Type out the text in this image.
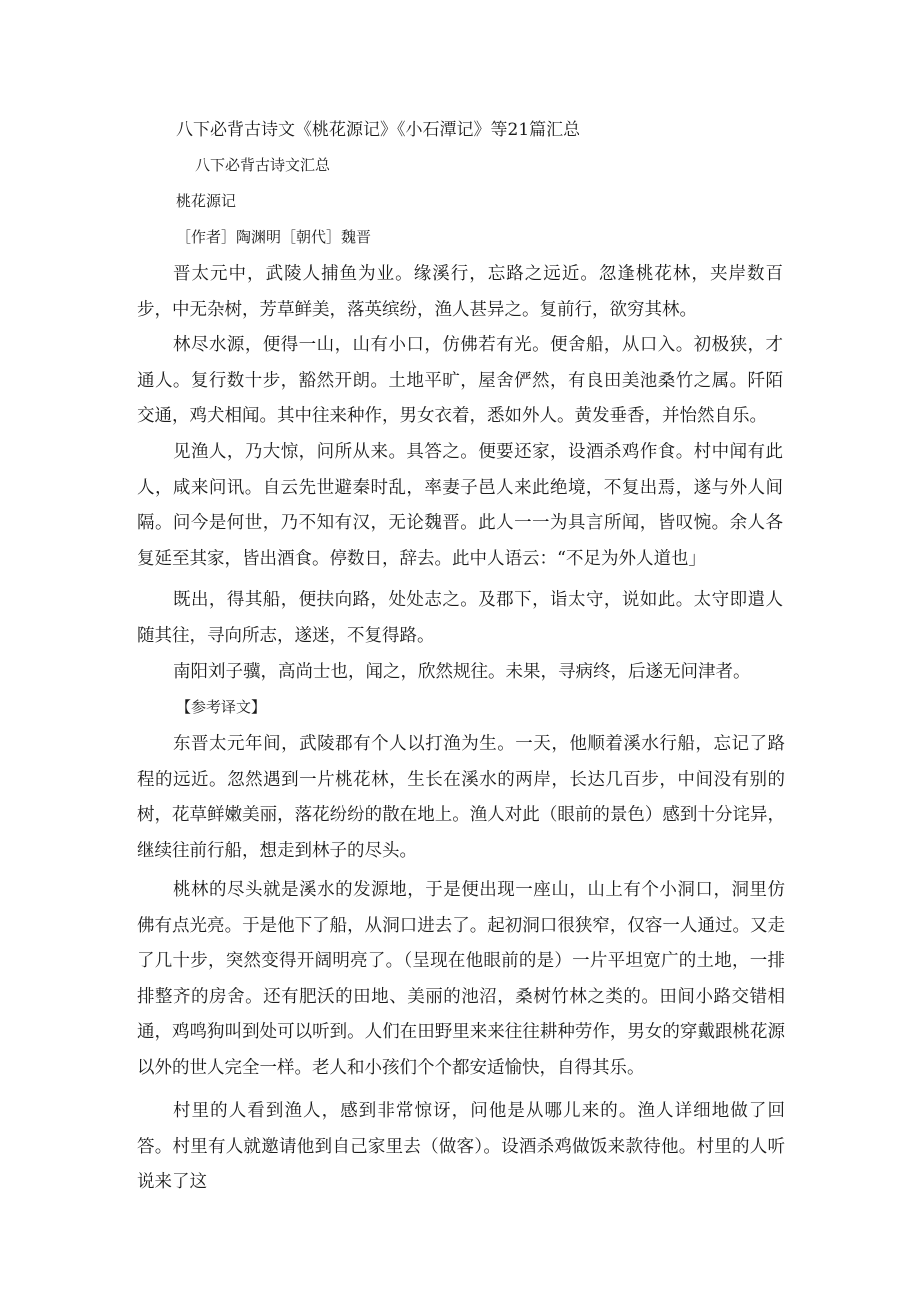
八下必背古诗文《桃花源记》《小石潭记》等21篇汇总
八下必背古诗文汇总
桃花源记
［作者］陶渊明［朝代］魏晋

晋太元中，武陵人捕鱼为业。缘溪行，忘路之远近。忽逢桃花林，夹岸数百步，中无杂树，芳草鲜美，落英缤纷，渔人甚异之。复前行，欲穷其林。

林尽水源，便得一山，山有小口，仿佛若有光。便舍船，从口入。初极狭，才通人。复行数十步，豁然开朗。土地平旷，屋舍俨然，有良田美池桑竹之属。阡陌交通，鸡犬相闻。其中往来种作，男女衣着，悉如外人。黄发垂香，并怡然自乐。

见渔人，乃大惊，问所从来。具答之。便要还家，设酒杀鸡作食。村中闻有此人，咸来问讯。自云先世避秦时乱，率妻子邑人来此绝境，不复出焉，遂与外人间隔。问今是何世，乃不知有汉，无论魏晋。此人一一为具言所闻，皆叹惋。余人各复延至其家，皆出酒食。停数日，辞去。此中人语云：“不足为外人道也」

既出，得其船，便扶向路，处处志之。及郡下，诣太守，说如此。太守即遣人随其往，寻向所志，遂迷，不复得路。

南阳刘子骥，高尚士也，闻之，欣然规往。未果，寻病终，后遂无问津者。

【参考译文】

东晋太元年间，武陵郡有个人以打渔为生。一天，他顺着溪水行船，忘记了路程的远近。忽然遇到一片桃花林，生长在溪水的两岸，长达几百步，中间没有别的树，花草鲜嫩美丽，落花纷纷的散在地上。渔人对此（眼前的景色）感到十分诧异，继续往前行船，想走到林子的尽头。

桃林的尽头就是溪水的发源地，于是便出现一座山，山上有个小洞口，洞里仿佛有点光亮。于是他下了船，从洞口进去了。起初洞口很狭窄，仅容一人通过。又走了几十步，突然变得开阔明亮了。（呈现在他眼前的是）一片平坦宽广的土地，一排排整齐的房舍。还有肥沃的田地、美丽的池沼，桑树竹林之类的。田间小路交错相通，鸡鸣狗叫到处可以听到。人们在田野里来来往往耕种劳作，男女的穿戴跟桃花源以外的世人完全一样。老人和小孩们个个都安适愉快，自得其乐。

村里的人看到渔人，感到非常惊讶，问他是从哪儿来的。渔人详细地做了回答。村里有人就邀请他到自己家里去（做客）。设酒杀鸡做饭来款待他。村里的人听说来了这
